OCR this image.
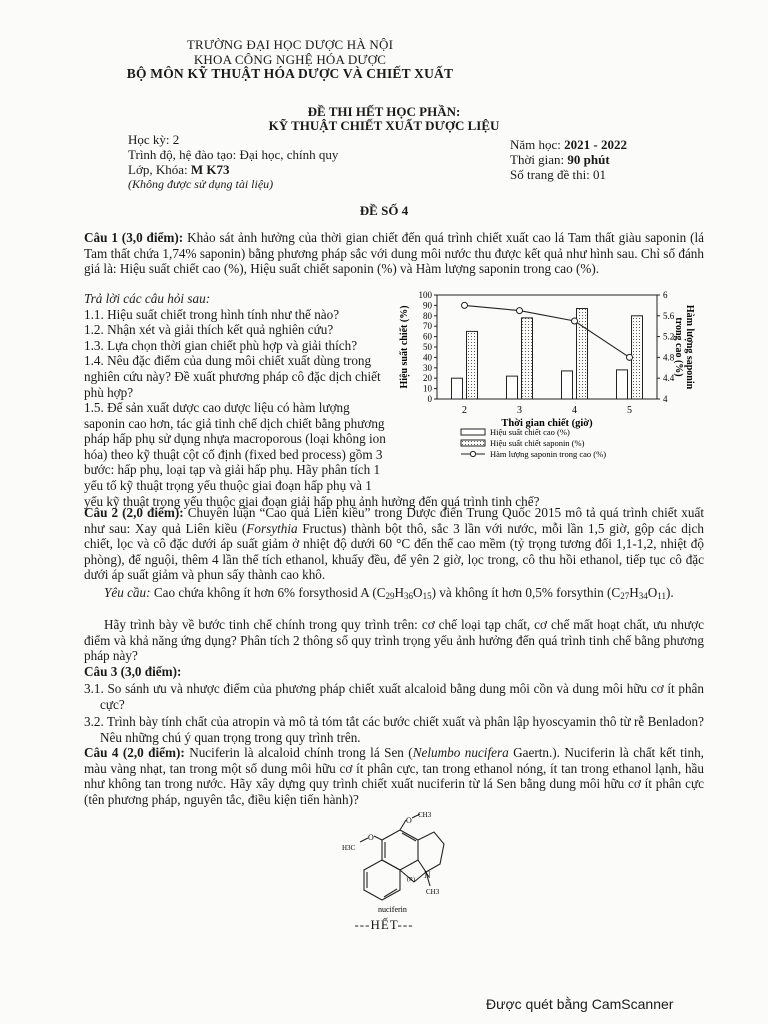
TRƯỜNG ĐẠI HỌC DƯỢC HÀ NỘI
KHOA CÔNG NGHỆ HÓA DƯỢC
BỘ MÔN KỸ THUẬT HÓA DƯỢC VÀ CHIẾT XUẤT
ĐỀ THI HẾT HỌC PHẦN:
KỸ THUẬT CHIẾT XUẤT DƯỢC LIỆU
Học kỳ: 2
Trình độ, hệ đào tạo: Đại học, chính quy
Lớp, Khóa: M K73
(Không được sử dụng tài liệu)
Năm học: 2021 - 2022
Thời gian: 90 phút
Số trang đề thi: 01
ĐỀ SỐ 4
Câu 1 (3,0 điểm): Khảo sát ảnh hưởng của thời gian chiết đến quá trình chiết xuất cao lá Tam thất giàu saponin (lá Tam thất chứa 1,74% saponin) bằng phương pháp sắc với dung môi nước thu được kết quả như hình sau. Chỉ số đánh giá là: Hiệu suất chiết cao (%), Hiệu suất chiết saponin (%) và Hàm lượng saponin trong cao (%).
Trả lời các câu hỏi sau:
1.1. Hiệu suất chiết trong hình tính như thế nào?
1.2. Nhận xét và giải thích kết quả nghiên cứu?
1.3. Lựa chọn thời gian chiết phù hợp và giải thích?
1.4. Nêu đặc điểm của dung môi chiết xuất dùng trong nghiên cứu này? Đề xuất phương pháp cô đặc dịch chiết phù hợp?
1.5. Để sản xuất dược cao dược liệu có hàm lượng saponin cao hơn, tác giả tinh chế dịch chiết bằng phương pháp hấp phụ sử dụng nhựa macroporous (loại không ion hóa) theo kỹ thuật cột cố định (fixed bed process) gồm 3 bước: hấp phụ, loại tạp và giải hấp phụ. Hãy phân tích 1 yếu tố kỹ thuật trọng yếu thuộc giai đoạn hấp phụ và 1 yếu kỹ thuật trọng yếu thuộc giai đoạn giải hấp phụ ảnh hưởng đến quá trình tinh chế?
0
10
20
30
40
50
60
70
80
90
100
4
4.4
4.8
5.2
5.6
6
2	3	4	5
Hiệu suất chiết (%)	Hàm lượng saponin
trong cao (%)
Thời gian chiết (giờ)
Hiệu suất chiết cao (%)
Hiệu suất chiết saponin (%)
Hàm lượng saponin trong cao (%)
Câu 2 (2,0 điểm): Chuyên luận “Cao quả Liên kiều” trong Dược điển Trung Quốc 2015 mô tả quá trình chiết xuất như sau: Xay quả Liên kiều (Forsythia Fructus) thành bột thô, sắc 3 lần với nước, mỗi lần 1,5 giờ, gộp các dịch chiết, lọc và cô đặc dưới áp suất giảm ở nhiệt độ dưới 60 °C đến thể cao mềm (tỷ trọng tương đối 1,1-1,2, nhiệt độ phòng), để nguội, thêm 4 lần thể tích ethanol, khuấy đều, để yên 2 giờ, lọc trong, cô thu hồi ethanol, tiếp tục cô đặc dưới áp suất giảm và phun sấy thành cao khô.
Yêu cầu: Cao chứa không ít hơn 6% forsythosid A $(C_{29}H_{36}O_{15})$ và không ít hơn 0,5% forsythin $(C_{27}H_{34}O_{11})$.
Hãy trình bày về bước tinh chế chính trong quy trình trên: cơ chế loại tạp chất, cơ chế mất hoạt chất, ưu nhược điểm và khả năng ứng dụng? Phân tích 2 thông số quy trình trọng yếu ảnh hưởng đến quá trình tinh chế bằng phương pháp này?
Câu 3 (3,0 điểm):
3.1. So sánh ưu và nhược điểm của phương pháp chiết xuất alcaloid bằng dung môi cồn và dung môi hữu cơ ít phân cực?
3.2. Trình bày tính chất của atropin và mô tả tóm tắt các bước chiết xuất và phân lập hyoscyamin thô từ rễ Benladon? Nêu những chú ý quan trọng trong quy trình trên.
Câu 4 (2,0 điểm): Nuciferin là alcaloid chính trong lá Sen (Nelumbo nucifera Gaertn.). Nuciferin là chất kết tinh, màu vàng nhạt, tan trong một số dung môi hữu cơ ít phân cực, tan trong ethanol nóng, ít tan trong ethanol lạnh, hầu như không tan trong nước. Hãy xây dựng quy trình chiết xuất nuciferin từ lá Sen bằng dung môi hữu cơ ít phân cực (tên phương pháp, nguyên tắc, điều kiện tiến hành)?
O
CH3
O
H3C
N
(R)
CH3
nuciferin
---HẾT---
Được quét bằng CamScanner
